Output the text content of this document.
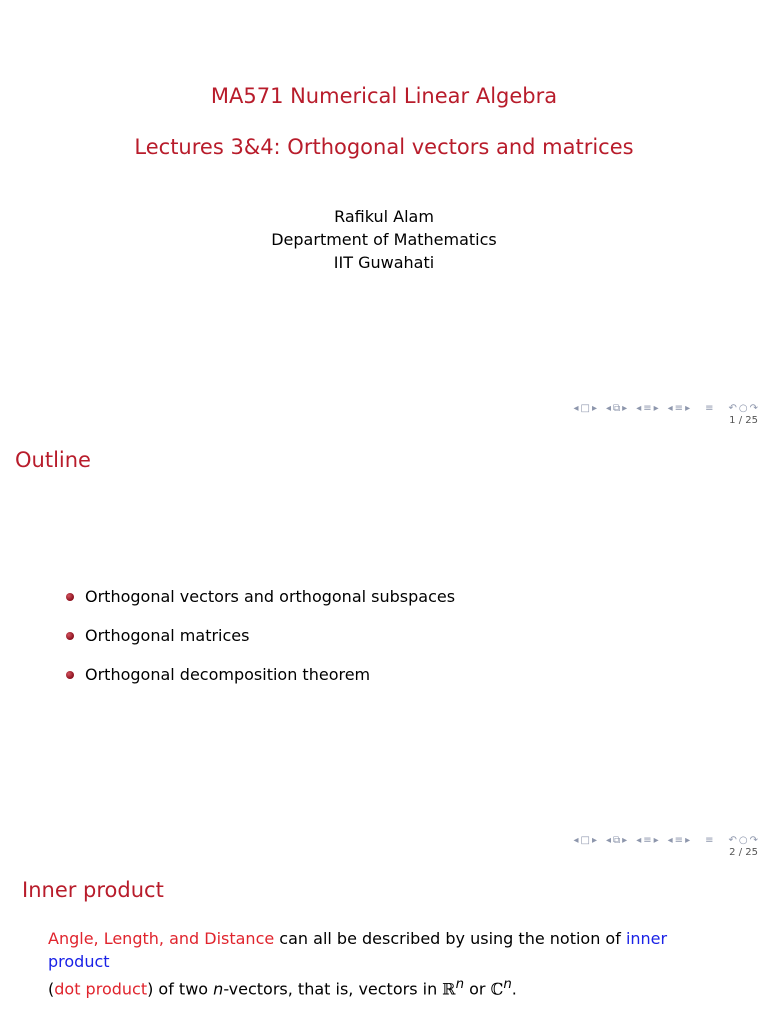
MA571 Numerical Linear Algebra
Lectures 3&4: Orthogonal vectors and matrices
Rafikul Alam
Department of Mathematics
IIT Guwahati
◂ □ ▸ ◂ ⧉ ▸ ◂ ≡ ▸ ◂ ≡ ▸ ≡ ↶ ○ ↷
1 / 25
Outline
Orthogonal vectors and orthogonal subspaces
Orthogonal matrices
Orthogonal decomposition theorem
◂ □ ▸ ◂ ⧉ ▸ ◂ ≡ ▸ ◂ ≡ ▸ ≡ ↶ ○ ↷
2 / 25
Inner product
Angle, Length, and Distance can all be described by using the notion of inner product
(dot product) of two n-vectors, that is, vectors in ℝ$^n$ or ℂ$^n$.
